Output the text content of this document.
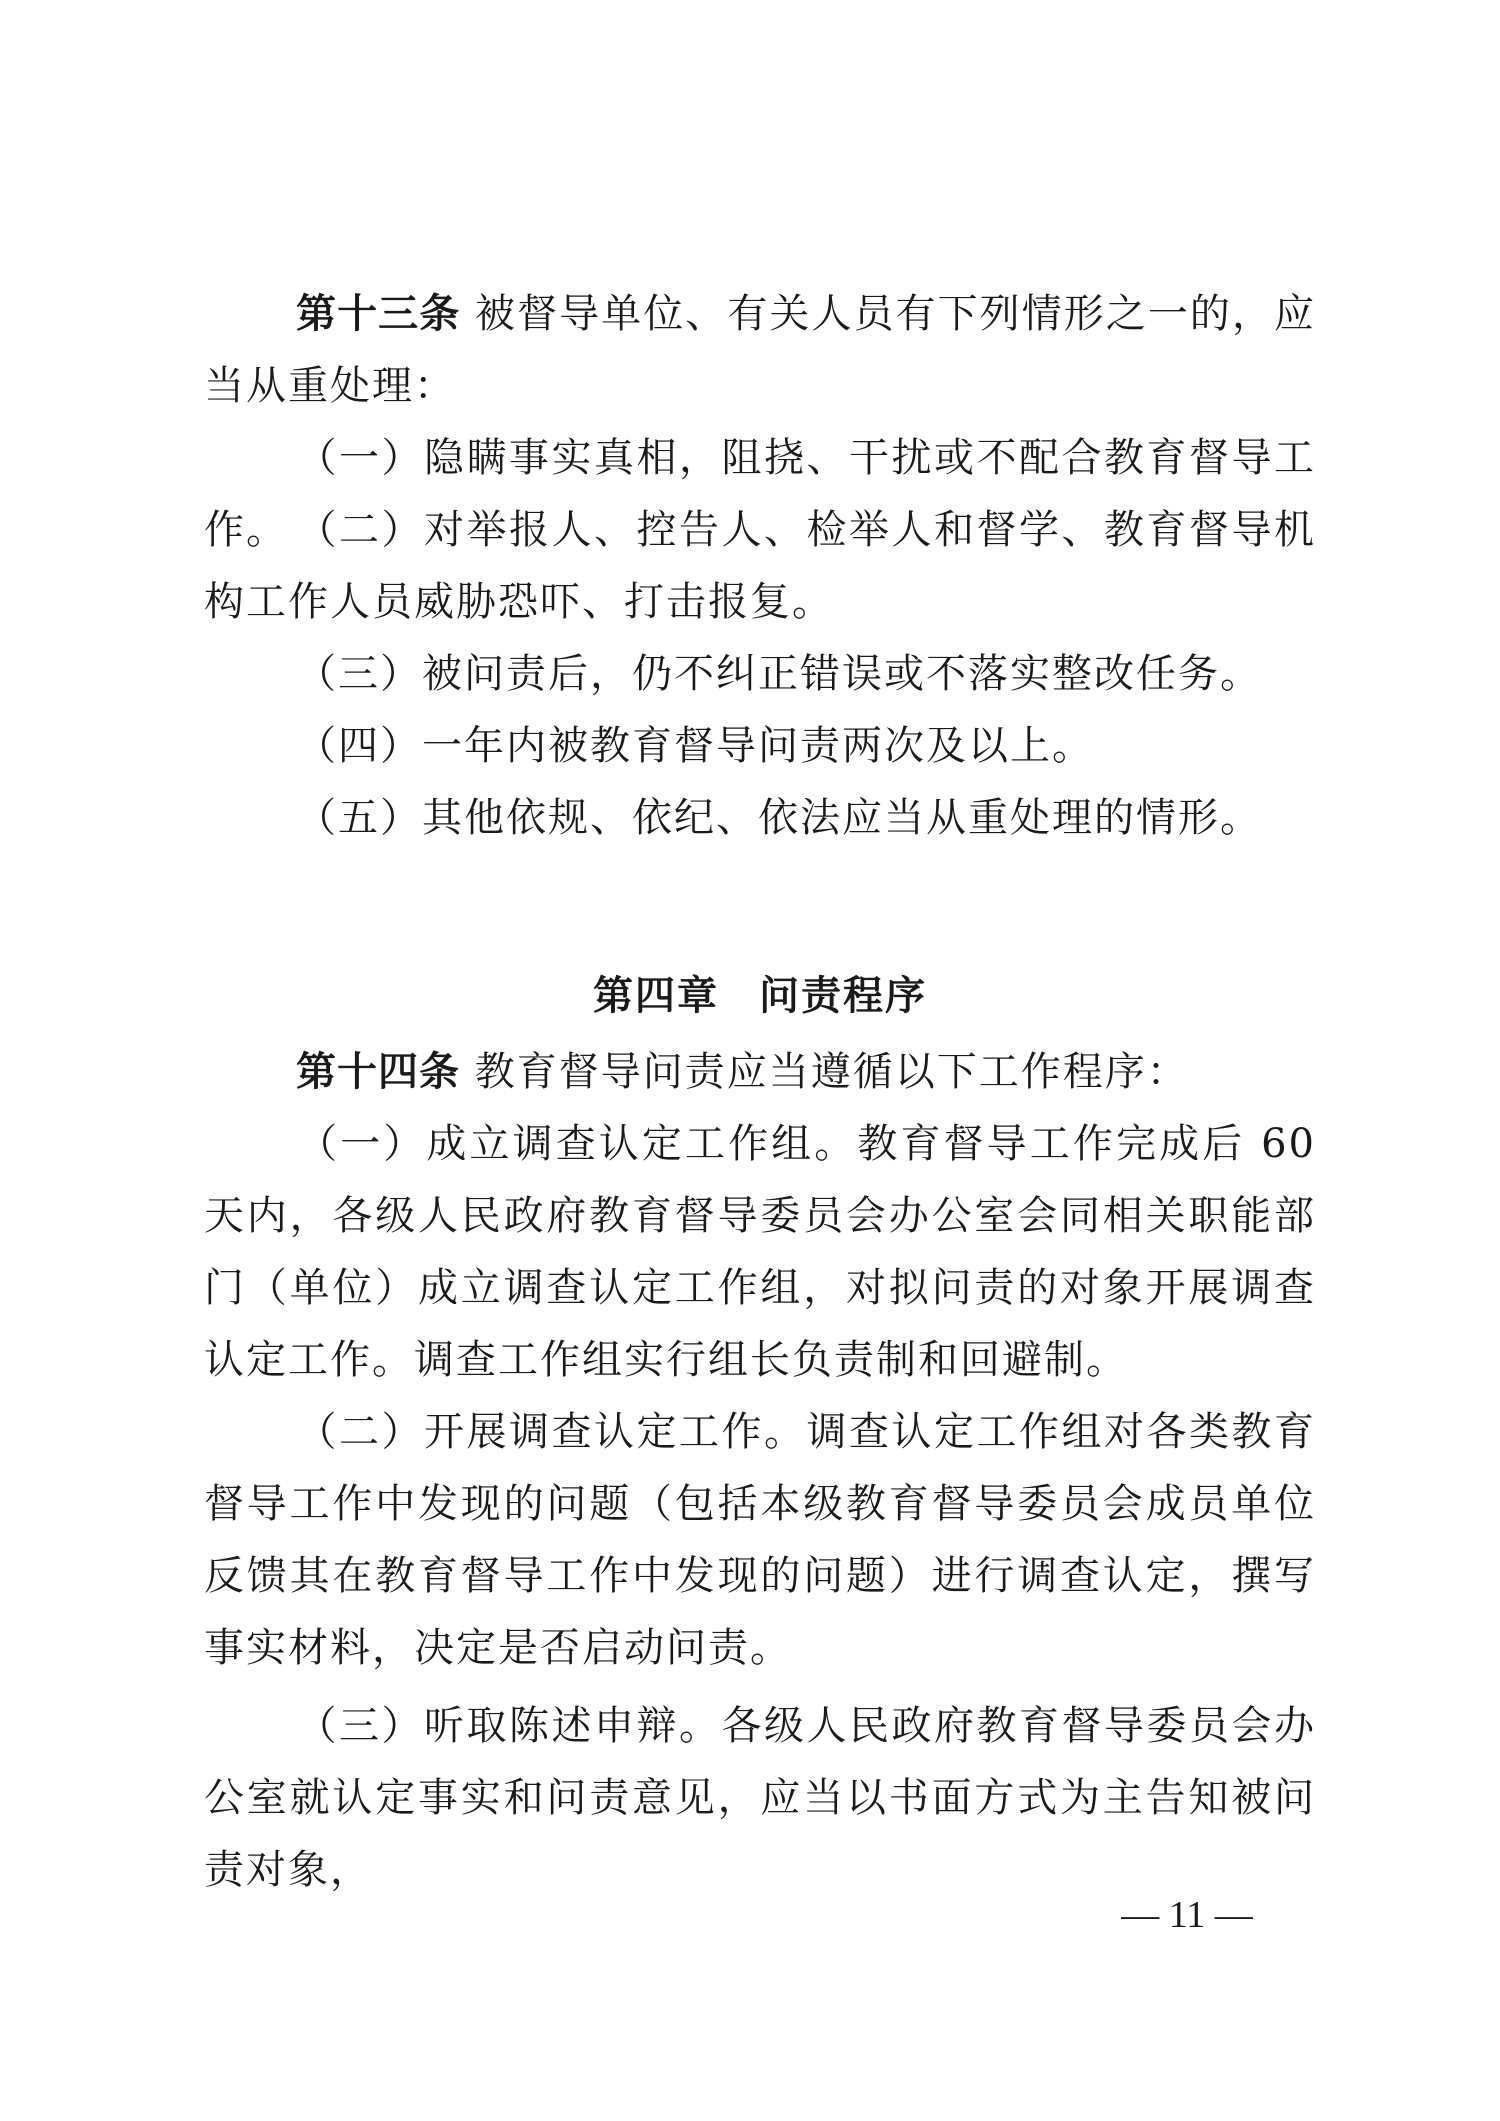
第十三条 被督导单位、有关人员有下列情形之一的，应当从重处理：

（一）隐瞒事实真相，阻挠、干扰或不配合教育督导工作。 （二）对举报人、控告人、检举人和督学、教育督导机构工作人员威胁恐吓、打击报复。

（三）被问责后，仍不纠正错误或不落实整改任务。

（四）一年内被教育督导问责两次及以上。

（五）其他依规、依纪、依法应当从重处理的情形。

第四章 问责程序

第十四条 教育督导问责应当遵循以下工作程序：

（一）成立调查认定工作组。教育督导工作完成后 60 天内，各级人民政府教育督导委员会办公室会同相关职能部门（单位）成立调查认定工作组，对拟问责的对象开展调查认定工作。调查工作组实行组长负责制和回避制。

（二）开展调查认定工作。调查认定工作组对各类教育督导工作中发现的问题（包括本级教育督导委员会成员单位反馈其在教育督导工作中发现的问题）进行调查认定，撰写事实材料，决定是否启动问责。

（三）听取陈述申辩。各级人民政府教育督导委员会办公室就认定事实和问责意见，应当以书面方式为主告知被问责对象，

— 11 —
